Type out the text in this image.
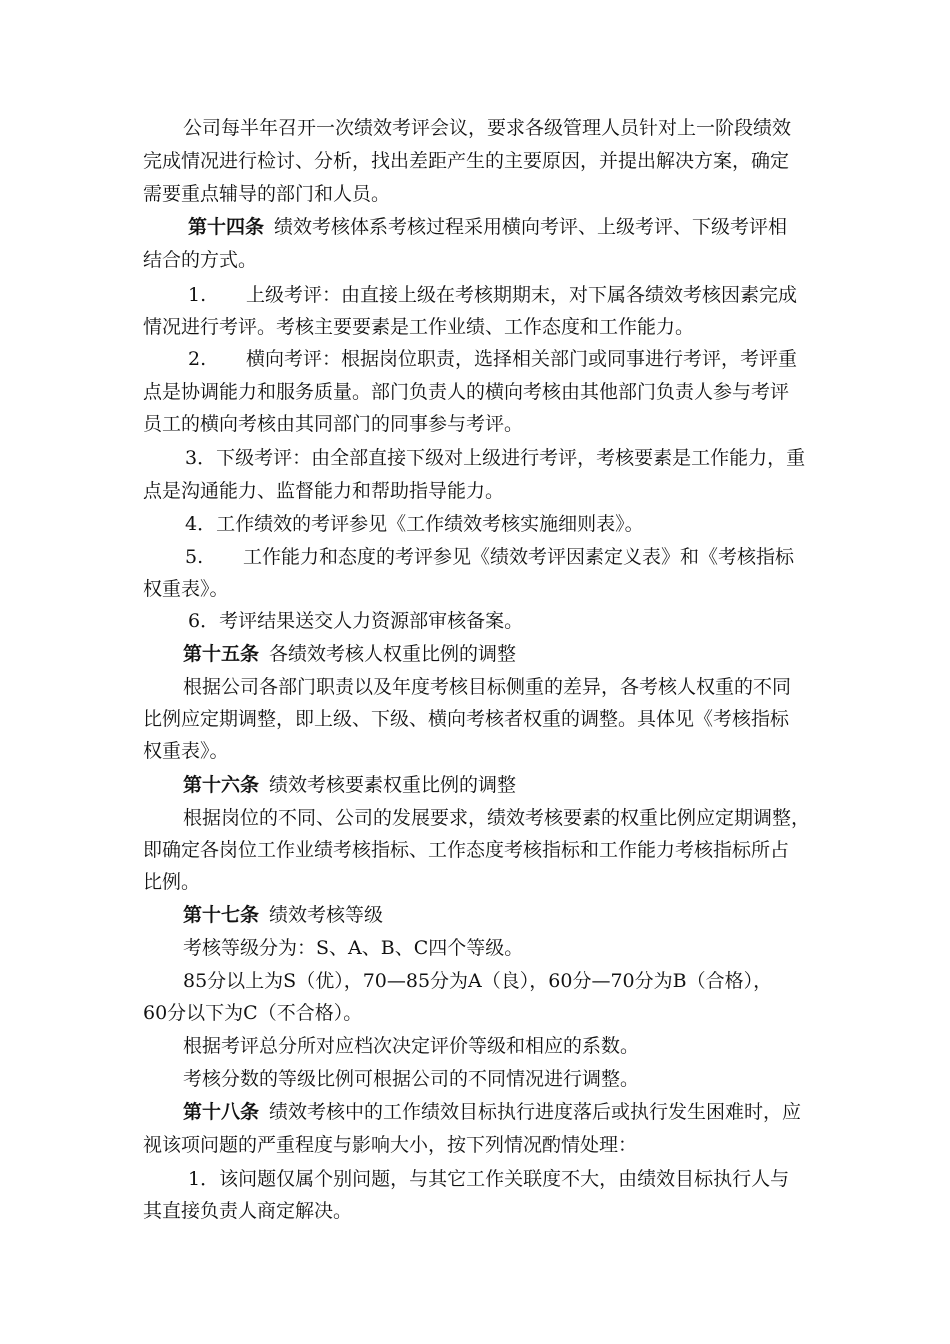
公司每半年召开一次绩效考评会议，要求各级管理人员针对上一阶段绩效
完成情况进行检讨、分析，找出差距产生的主要原因，并提出解决方案，确定
需要重点辅导的部门和人员。
第十四条 绩效考核体系考核过程采用横向考评、上级考评、下级考评相
结合的方式。
1. 上级考评：由直接上级在考核期期末，对下属各绩效考核因素完成
情况进行考评。考核主要要素是工作业绩、工作态度和工作能力。
2. 横向考评：根据岗位职责，选择相关部门或同事进行考评，考评重
点是协调能力和服务质量。部门负责人的横向考核由其他部门负责人参与考评
员工的横向考核由其同部门的同事参与考评。
3．下级考评：由全部直接下级对上级进行考评，考核要素是工作能力，重
点是沟通能力、监督能力和帮助指导能力。
4．工作绩效的考评参见《工作绩效考核实施细则表》。
5. 工作能力和态度的考评参见《绩效考评因素定义表》和《考核指标
权重表》。
6．考评结果送交人力资源部审核备案。
第十五条 各绩效考核人权重比例的调整
根据公司各部门职责以及年度考核目标侧重的差异，各考核人权重的不同
比例应定期调整，即上级、下级、横向考核者权重的调整。具体见《考核指标
权重表》。
第十六条 绩效考核要素权重比例的调整
根据岗位的不同、公司的发展要求，绩效考核要素的权重比例应定期调整，
即确定各岗位工作业绩考核指标、工作态度考核指标和工作能力考核指标所占
比例。
第十七条 绩效考核等级
考核等级分为：S、A、B、C四个等级。
85分以上为S（优），70—85分为A（良），60分—70分为B（合格），
60分以下为C（不合格）。
根据考评总分所对应档次决定评价等级和相应的系数。
考核分数的等级比例可根据公司的不同情况进行调整。
第十八条 绩效考核中的工作绩效目标执行进度落后或执行发生困难时，应
视该项问题的严重程度与影响大小，按下列情况酌情处理：
1．该问题仅属个别问题，与其它工作关联度不大，由绩效目标执行人与
其直接负责人商定解决。
